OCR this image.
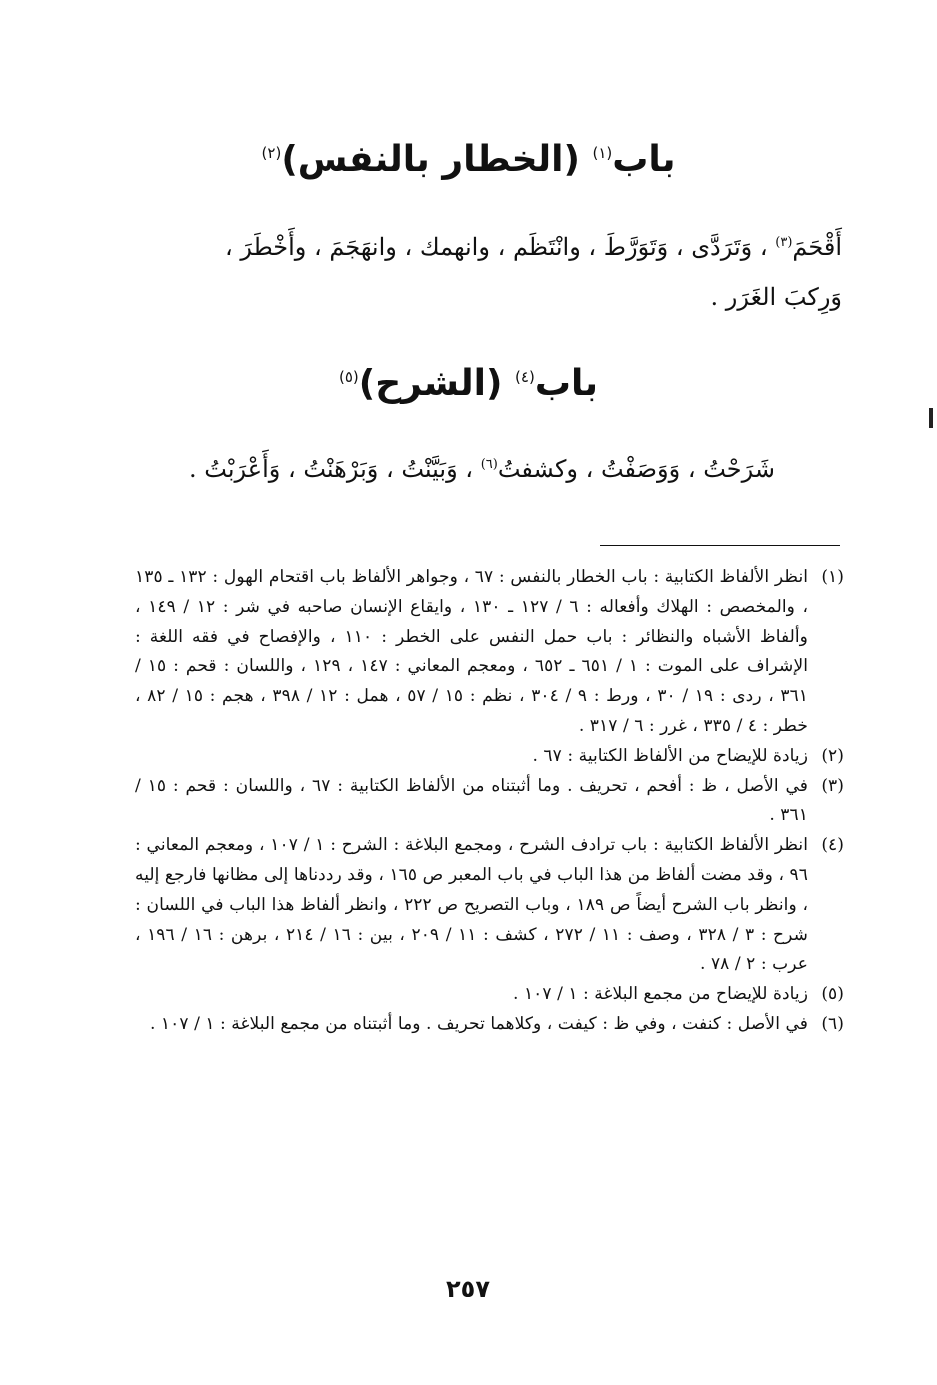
باب$^{(١)}$ (الخطار بالنفس)$^{(٢)}$

أَقْحَمَ$^{(٣)}$ ، وَتَرَدَّى ، وَتَوَرَّطَ ، وانْتَظَم ، وانهمك ، وانهَجَمَ ، وأَخْطَرَ ،
وَرِكبَ الغَرَر .

باب$^{(٤)}$ (الشرح)$^{(٥)}$

شَرَحْتُ ، وَوَصَفْتُ ، وكشفتُ$^{(٦)}$ ، وَبَيَّنْتُ ، وَبَرْهَنْتُ ، وَأَعْرَبْتُ .

(١)
انظر الألفاظ الكتابية : باب الخطار بالنفس : ٦٧ ، وجواهر الألفاظ باب اقتحام الهول : ١٣٢ ـ ١٣٥ ، والمخصص : الهلاك وأفعاله : ٦ / ١٢٧ ـ ١٣٠ ، وايقاع الإنسان صاحبه في شر : ١٢ / ١٤٩ ، وألفاظ الأشباه والنظائر : باب حمل النفس على الخطر : ١١٠ ، والإفصاح في فقه اللغة : الإشراف على الموت : ١ / ٦٥١ ـ ٦٥٢ ، ومعجم المعاني : ١٤٧ ، ١٢٩ ، واللسان : قحم : ١٥ / ٣٦١ ، ردى : ١٩ / ٣٠ ، ورط : ٩ / ٣٠٤ ، نظم : ١٥ / ٥٧ ، همل : ١٢ / ٣٩٨ ، هجم : ١٥ / ٨٢ ، خطر : ٤ / ٣٣٥ ، غرر : ٦ / ٣١٧ .
(٢)
زيادة للإيضاح من الألفاظ الكتابية : ٦٧ .
(٣)
في الأصل ، ظ : أفحم ، تحريف . وما أثبتناه من الألفاظ الكتابية : ٦٧ ، واللسان : قحم : ١٥ / ٣٦١ .
(٤)
انظر الألفاظ الكتابية : باب ترادف الشرح ، ومجمع البلاغة : الشرح : ١ / ١٠٧ ، ومعجم المعاني : ٩٦ ، وقد مضت ألفاظ من هذا الباب في باب المعبر ص ١٦٥ ، وقد رددناها إلى مظانها فارجع إليه ، وانظر باب الشرح أيضاً ص ١٨٩ ، وباب التصريح ص ٢٢٢ ، وانظر ألفاظ هذا الباب في اللسان : شرح : ٣ / ٣٢٨ ، وصف : ١١ / ٢٧٢ ، كشف : ١١ / ٢٠٩ ، بين : ١٦ / ٢١٤ ، برهن : ١٦ / ١٩٦ ، عرب : ٢ / ٧٨ .
(٥)
زيادة للإيضاح من مجمع البلاغة : ١ / ١٠٧ .
(٦)
في الأصل : كنفت ، وفي ظ : كيفت ، وكلاهما تحريف . وما أثبتناه من مجمع البلاغة : ١ / ١٠٧ .
٢٥٧
